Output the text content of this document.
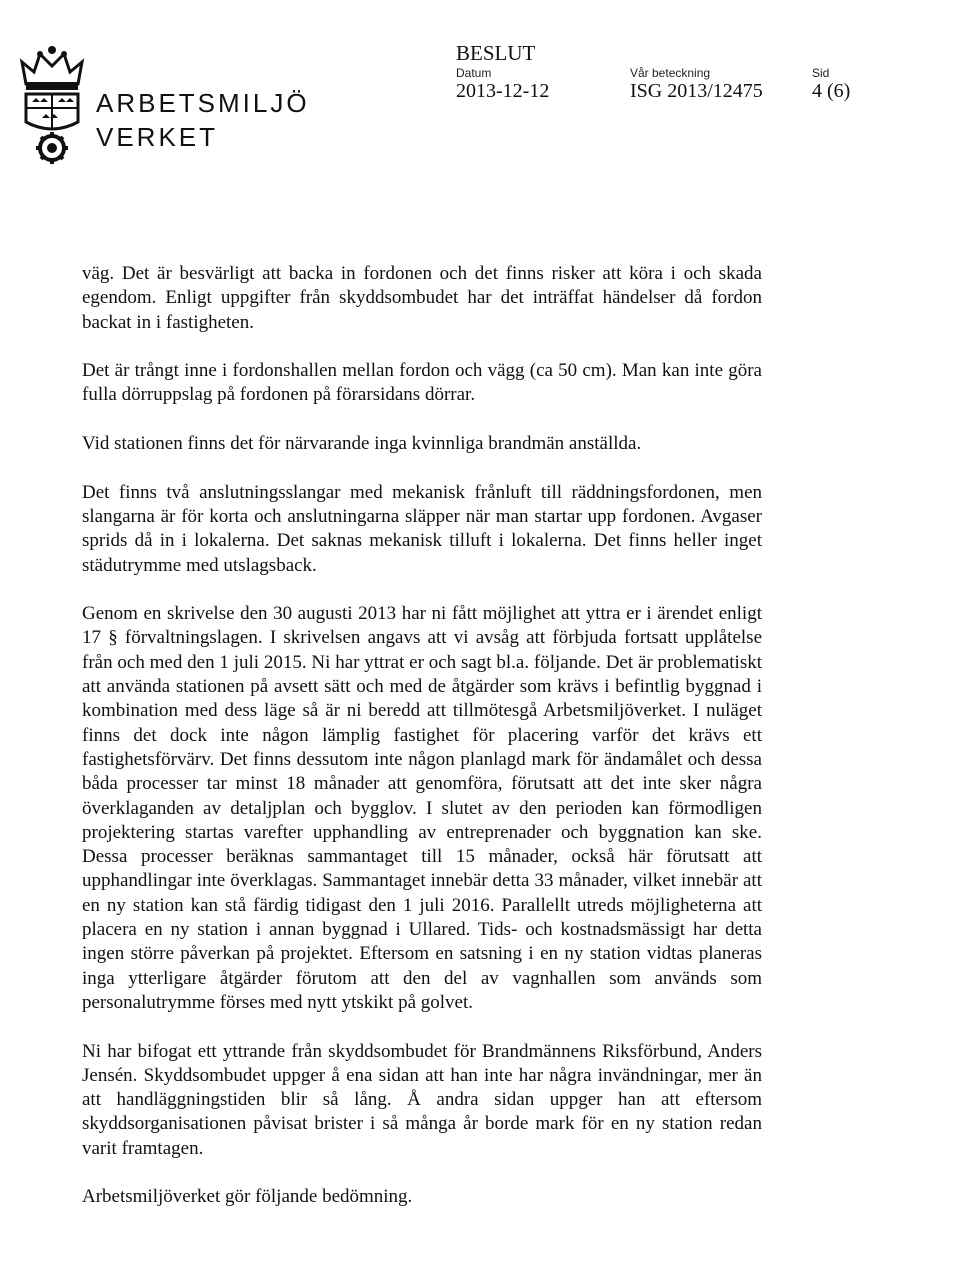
ARBETSMILJÖ
VERKET
BESLUT
Datum
2013-12-12
Vår beteckning
ISG 2013/12475
Sid
4 (6)

väg. Det är besvärligt att backa in fordonen och det finns risker att köra i och skada egendom. Enligt uppgifter från skyddsombudet har det inträffat händelser då fordon backat in i fastigheten.

Det är trångt inne i fordonshallen mellan fordon och vägg (ca 50 cm). Man kan inte göra fulla dörruppslag på fordonen på förarsidans dörrar.

Vid stationen finns det för närvarande inga kvinnliga brandmän anställda.

Det finns två anslutningsslangar med mekanisk frånluft till räddningsfordonen, men slangarna är för korta och anslutningarna släpper när man startar upp fordonen. Avgaser sprids då in i lokalerna. Det saknas mekanisk tilluft i lokalerna. Det finns heller inget städutrymme med utslagsback.

Genom en skrivelse den 30 augusti 2013 har ni fått möjlighet att yttra er i ärendet enligt 17 § förvaltningslagen. I skrivelsen angavs att vi avsåg att förbjuda fortsatt upplåtelse från och med den 1 juli 2015. Ni har yttrat er och sagt bl.a. följande. Det är problematiskt att använda stationen på avsett sätt och med de åtgärder som krävs i befintlig byggnad i kombination med dess läge så är ni beredd att tillmötesgå Arbetsmiljöverket. I nuläget finns det dock inte någon lämplig fastighet för placering varför det krävs ett fastighetsförvärv. Det finns dessutom inte någon planlagd mark för ändamålet och dessa båda processer tar minst 18 månader att genomföra, förutsatt att det inte sker några överklaganden av detaljplan och bygglov. I slutet av den perioden kan förmodligen projektering startas varefter upphandling av entreprenader och byggnation kan ske. Dessa processer beräknas sammantaget till 15 månader, också här förutsatt att upphandlingar inte överklagas. Sammantaget innebär detta 33 månader, vilket innebär att en ny station kan stå färdig tidigast den 1 juli 2016. Parallellt utreds möjligheterna att placera en ny station i annan byggnad i Ullared. Tids- och kostnadsmässigt har detta ingen större påverkan på projektet. Eftersom en satsning i en ny station vidtas planeras inga ytterligare åtgärder förutom att den del av vagnhallen som används som personalutrymme förses med nytt ytskikt på golvet.

Ni har bifogat ett yttrande från skyddsombudet för Brandmännens Riksförbund, Anders Jensén. Skyddsombudet uppger å ena sidan att han inte har några invändningar, mer än att handläggningstiden blir så lång. Å andra sidan uppger han att eftersom skyddsorganisationen påvisat brister i så många år borde mark för en ny station redan varit framtagen.

Arbetsmiljöverket gör följande bedömning.
